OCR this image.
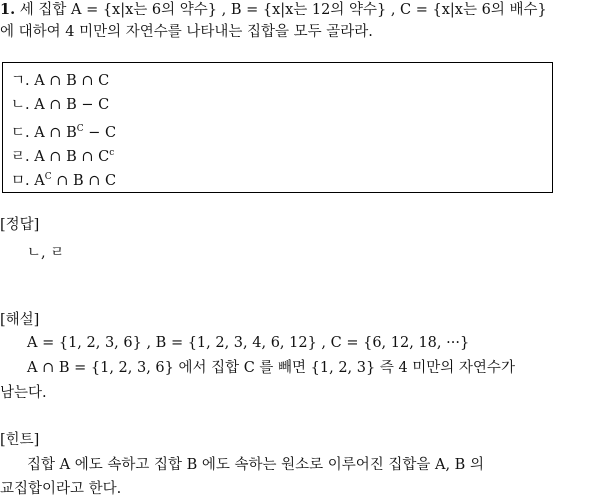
1. 세 집합 A = {x|x는 6의 약수} , B = {x|x는 12의 약수} , C = {x|x는 6의 배수}
에 대하여 4 미만의 자연수를 나타내는 집합을 모두 골라라.
ㄱ. A ∩ B ∩ C
ㄴ. A ∩ B − C
ㄷ. A ∩ $B^C - C$
ㄹ. A ∩ B ∩ $C^c$
ㅁ. $A^C$ ∩ B ∩ C
[정답]
ㄴ, ㄹ
[해설]
A = {1, 2, 3, 6} , B = {1, 2, 3, 4, 6, 12} , C = {6, 12, 18, ···}
A ∩ B = {1, 2, 3, 6} 에서 집합 C 를 빼면 {1, 2, 3} 즉 4 미만의 자연수가
남는다.
[힌트]
집합 A 에도 속하고 집합 B 에도 속하는 원소로 이루어진 집합을 A, B 의
교집합이라고 한다.
